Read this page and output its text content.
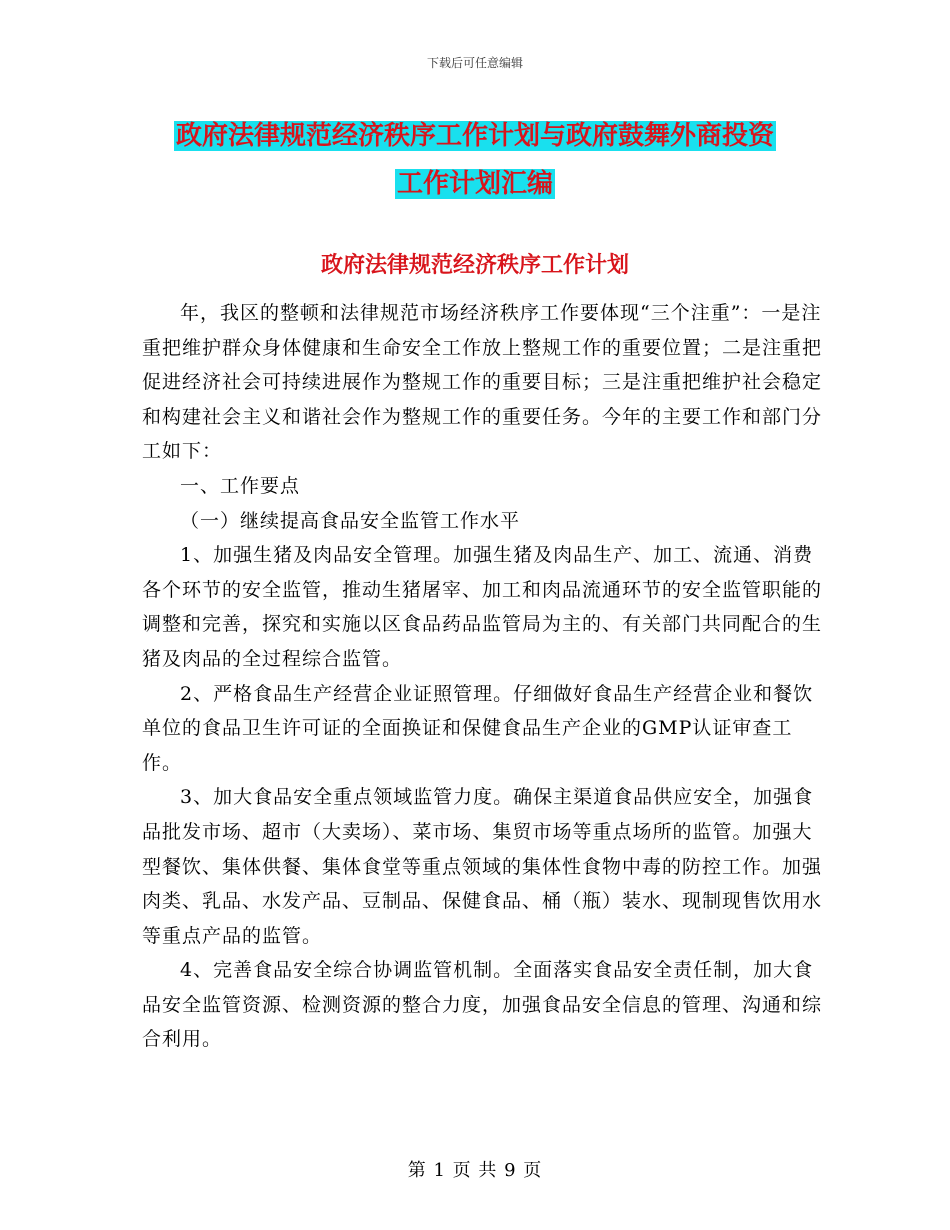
下载后可任意编辑
政府法律规范经济秩序工作计划与政府鼓舞外商投资
工作计划汇编
政府法律规范经济秩序工作计划

年，我区的整顿和法律规范市场经济秩序工作要体现“三个注重”：一是注重把维护群众身体健康和生命安全工作放上整规工作的重要位置；二是注重把促进经济社会可持续进展作为整规工作的重要目标；三是注重把维护社会稳定和构建社会主义和谐社会作为整规工作的重要任务。今年的主要工作和部门分工如下：

一、工作要点

（一）继续提高食品安全监管工作水平

1、加强生猪及肉品安全管理。加强生猪及肉品生产、加工、流通、消费各个环节的安全监管，推动生猪屠宰、加工和肉品流通环节的安全监管职能的调整和完善，探究和实施以区食品药品监管局为主的、有关部门共同配合的生猪及肉品的全过程综合监管。

2、严格食品生产经营企业证照管理。仔细做好食品生产经营企业和餐饮单位的食品卫生许可证的全面换证和保健食品生产企业的GMP认证审查工作。

3、加大食品安全重点领域监管力度。确保主渠道食品供应安全，加强食品批发市场、超市（大卖场）、菜市场、集贸市场等重点场所的监管。加强大型餐饮、集体供餐、集体食堂等重点领域的集体性食物中毒的防控工作。加强肉类、乳品、水发产品、豆制品、保健食品、桶（瓶）装水、现制现售饮用水等重点产品的监管。

4、完善食品安全综合协调监管机制。全面落实食品安全责任制，加大食品安全监管资源、检测资源的整合力度，加强食品安全信息的管理、沟通和综合利用。

第 1 页 共 9 页
